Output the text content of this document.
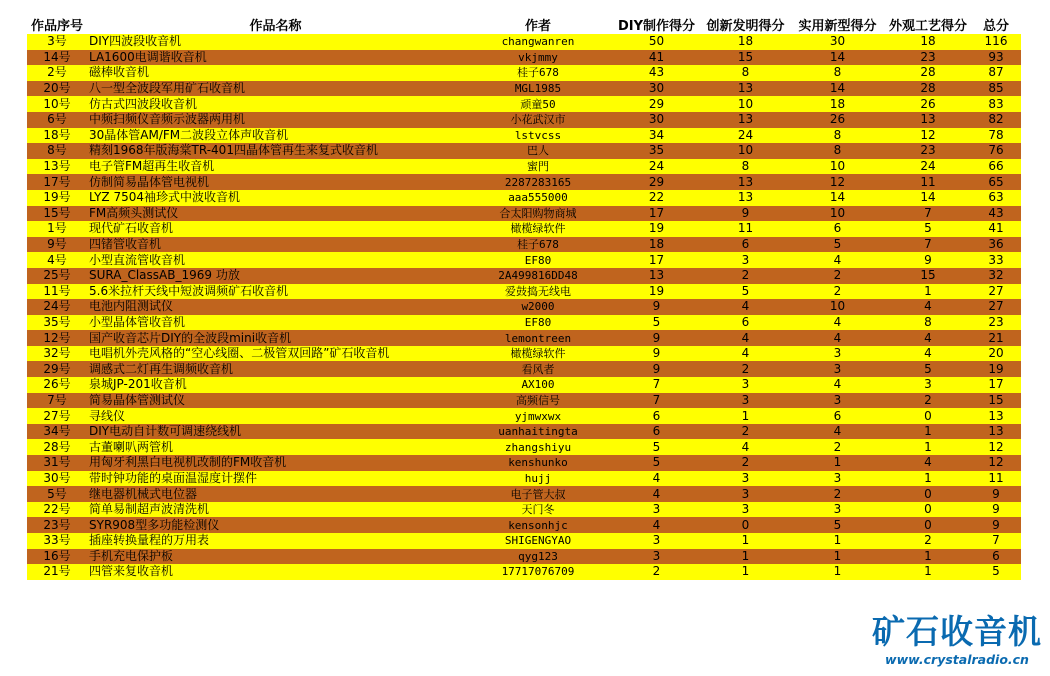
作品序号	作品名称	作者	DIY制作得分	创新发明得分	实用新型得分	外观工艺得分	总分
3号	DIY四波段收音机	changwanren	50	18	30	18	116
14号	LA1600电调谐收音机	vkjmmy	41	15	14	23	93
2号	磁棒收音机	桂子678	43	8	8	28	87
20号	八一型全波段军用矿石收音机	MGL1985	30	13	14	28	85
10号	仿古式四波段收音机	顽童50	29	10	18	26	83
6号	中频扫频仪音频示波器两用机	小花武汉市	30	13	26	13	82
18号	30晶体管AM/FM二波段立体声收音机	lstvcss	34	24	8	12	78
8号	精刻1968年版海棠TR-401四晶体管再生来复式收音机	巴人	35	10	8	23	76
13号	电子管FM超再生收音机	蜜門	24	8	10	24	66
17号	仿制简易晶体管电视机	2287283165	29	13	12	11	65
19号	LYZ 7504袖珍式中波收音机	aaa555000	22	13	14	14	63
15号	FM高频头测试仪	合太阳购物商城	17	9	10	7	43
1号	现代矿石收音机	橄榄绿软件	19	11	6	5	41
9号	四锗管收音机	桂子678	18	6	5	7	36
4号	小型直流管收音机	EF80	17	3	4	9	33
25号	SURA_ClassAB_1969 功放	2A499816DD48	13	2	2	15	32
11号	5.6米拉杆天线中短波调频矿石收音机	爱鼓捣无线电	19	5	2	1	27
24号	电池内阻测试仪	w2000	9	4	10	4	27
35号	小型晶体管收音机	EF80	5	6	4	8	23
12号	国产收音芯片DIY的全波段mini收音机	lemontreen	9	4	4	4	21
32号	电唱机外壳风格的“空心线圈、二极管双回路”矿石收音机	橄榄绿软件	9	4	3	4	20
29号	调感式二灯再生调频收音机	看风者	9	2	3	5	19
26号	泉城JP-201收音机	AX100	7	3	4	3	17
7号	简易晶体管测试仪	高频信号	7	3	3	2	15
27号	寻线仪	yjmwxwx	6	1	6	0	13
34号	DIY电动自计数可调速绕线机	uanhaitingta	6	2	4	1	13
28号	古董喇叭两管机	zhangshiyu	5	4	2	1	12
31号	用匈牙利黑白电视机改制的FM收音机	kenshunko	5	2	1	4	12
30号	带时钟功能的桌面温湿度计摆件	hujj	4	3	3	1	11
5号	继电器机械式电位器	电子管大叔	4	3	2	0	9
22号	简单易制超声波清洗机	天门冬	3	3	3	0	9
23号	SYR908型多功能检测仪	kensonhjc	4	0	5	0	9
33号	插座转换量程的万用表	SHIGENGYAO	3	1	1	2	7
16号	手机充电保护板	qyg123	3	1	1	1	6
21号	四管来复收音机	17717076709	2	1	1	1	5
矿石收音机
www.crystalradio.cn
